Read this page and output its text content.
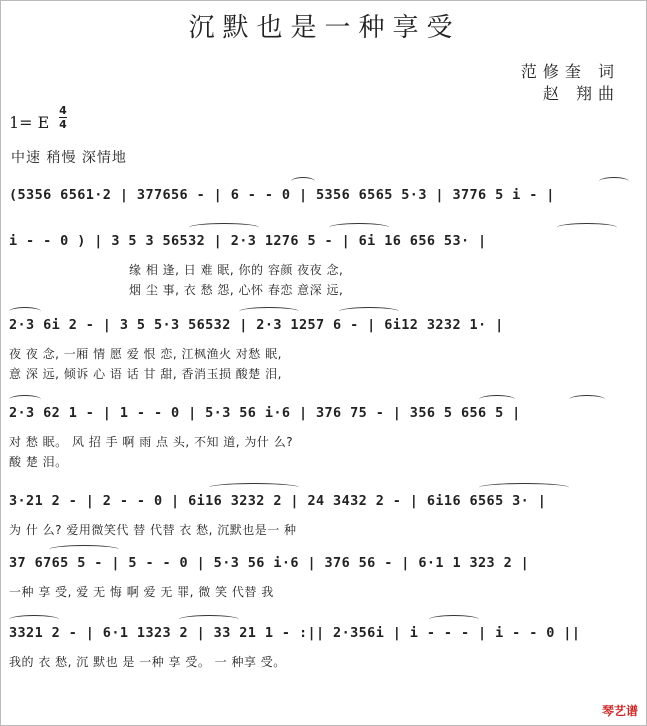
沉默也是一种享受
范修奎 词
赵 翔曲
1= E
4
4
中速 稍慢 深情地
(5356 6561·2 | 377656 - | 6 - - 0 | 5356 6565 5·3 | 3776 5 i - |
i - - 0 ) | 3 5 3 56532 | 2·3 1276 5 - | 6i 16 656 53· |
缘 相 逢, 日 难 眠, 你的 容颜 夜夜 念,
烟 尘 事, 衣 愁 怨, 心怀 春恋 意深 远,
2·3 6i 2 - | 3 5 5·3 56532 | 2·3 1257 6 - | 6i12 3232 1· |
夜 夜 念, 一厢 情 愿 爱 恨 恋, 江枫渔火 对愁 眠,
意 深 远, 倾诉 心 语 话 甘 甜, 香消玉损 酸楚 泪,
2·3 62 1 - | 1 - - 0 | 5·3 56 i·6 | 376 75 - | 356 5 656 5 |
对 愁 眠。 风 招 手 啊 雨 点 头, 不知 道, 为什 么?
酸 楚 泪。
3·21 2 - | 2 - - 0 | 6i16 3232 2 | 24 3432 2 - | 6i16 6565 3· |
为 什 么? 爱用微笑代 替 代替 衣 愁, 沉默也是一 种
37 6765 5 - | 5 - - 0 | 5·3 56 i·6 | 376 56 - | 6·1 1 323 2 |
一种 享 受, 爱 无 悔 啊 爱 无 罪, 微 笑 代替 我
3321 2 - | 6·1 1323 2 | 33 21 1 - :|| 2·356i | i - - - | i - - 0 ||
我的 衣 愁, 沉 默也 是 一种 享 受。 一 种享 受。
琴艺谱
